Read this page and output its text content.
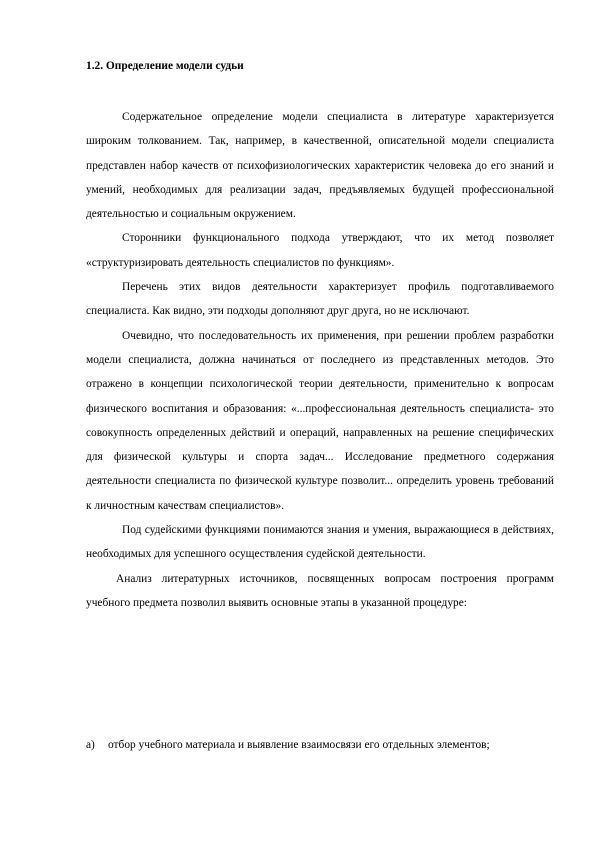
1.2. Определение модели судьи

Содержательное определение модели специалиста в литературе характеризуется широким толкованием. Так, например, в качественной, описательной модели специалиста представлен набор качеств от психофизиологических характеристик человека до его знаний и умений, необходимых для реализации задач, предъявляемых будущей профессиональной деятельностью и социальным окружением.

Сторонники функционального подхода утверждают, что их метод позволяет «структуризировать деятельность специалистов по функциям».

Перечень этих видов деятельности характеризует профиль подготавливаемого специалиста. Как видно, эти подходы дополняют друг друга, но не исключают.

Очевидно, что последовательность их применения, при решении проблем разработки модели специалиста, должна начинаться от последнего из представленных методов. Это отражено в концепции психологической теории деятельности, применительно к вопросам физического воспитания и образования: «...профессиональная деятельность специалиста- это совокупность определенных действий и операций, направленных на решение специфических для физической культуры и спорта задач... Исследование предметного содержания деятельности специалиста по физической культуре позволит... определить уровень требований к личностным качествам специалистов».

Под судейскими функциями понимаются знания и умения, выражающиеся в действиях, необходимых для успешного осуществления судейской деятельности.

Анализ литературных источников, посвященных вопросам построения программ учебного предмета позволил выявить основные этапы в указанной процедуре:

а)	отбор учебного материала и выявление взаимосвязи его отдельных элементов;
